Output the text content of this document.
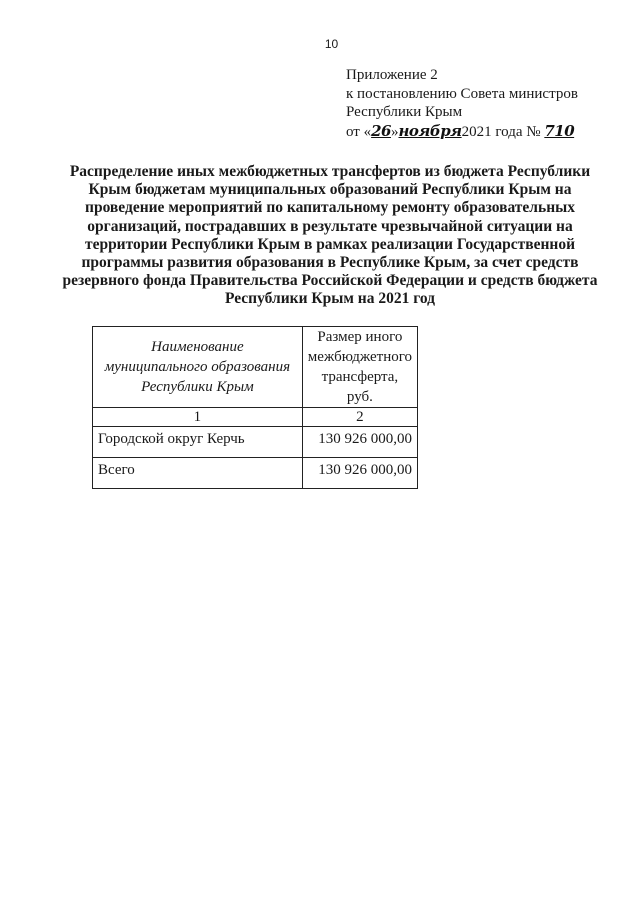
10
Приложение 2
к постановлению Совета министров
Республики Крым
от «26»ноября2021 года № 710
Распределение иных межбюджетных трансфертов из бюджета Республики Крым бюджетам муниципальных образований Республики Крым на проведение мероприятий по капитальному ремонту образовательных организаций, пострадавших в результате чрезвычайной ситуации на территории Республики Крым в рамках реализации Государственной программы развития образования в Республике Крым, за счет средств резервного фонда Правительства Российской Федерации и средств бюджета Республики Крым на 2021 год
Наименование муниципального образования Республики Крым	Размер иного межбюджетного трансферта, руб.
1	2
Городской округ Керчь	130 926 000,00
Всего	130 926 000,00
